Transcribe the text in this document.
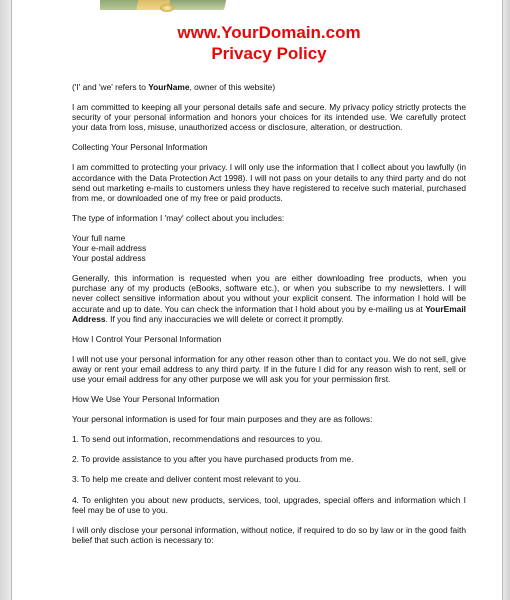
www.YourDomain.com
Privacy Policy

('I' and 'we' refers to YourName, owner of this website)

I am committed to keeping all your personal details safe and secure. My privacy policy strictly protects the security of your personal information and honors your choices for its intended use. We carefully protect your data from loss, misuse, unauthorized access or disclosure, alteration, or destruction.

Collecting Your Personal Information

I am committed to protecting your privacy. I will only use the information that I collect about you lawfully (in accordance with the Data Protection Act 1998). I will not pass on your details to any third party and do not send out marketing e-mails to customers unless they have registered to receive such material, purchased from me, or downloaded one of my free or paid products.

The type of information I 'may' collect about you includes:

Your full name
Your e-mail address
Your postal address

Generally, this information is requested when you are either downloading free products, when you purchase any of my products (eBooks, software etc.), or when you subscribe to my newsletters. I will never collect sensitive information about you without your explicit consent. The information I hold will be accurate and up to date. You can check the information that I hold about you by e-mailing us at YourEmail Address. If you find any inaccuracies we will delete or correct it promptly.

How I Control Your Personal Information

I will not use your personal information for any other reason other than to contact you. We do not sell, give away or rent your email address to any third party. If in the future I did for any reason wish to rent, sell or use your email address for any other purpose we will ask you for your permission first.

How We Use Your Personal Information

Your personal information is used for four main purposes and they are as follows:

1. To send out information, recommendations and resources to you.

2. To provide assistance to you after you have purchased products from me.

3. To help me create and deliver content most relevant to you.

4. To enlighten you about new products, services, tool, upgrades, special offers and information which I feel may be of use to you.

I will only disclose your personal information, without notice, if required to do so by law or in the good faith belief that such action is necessary to:
